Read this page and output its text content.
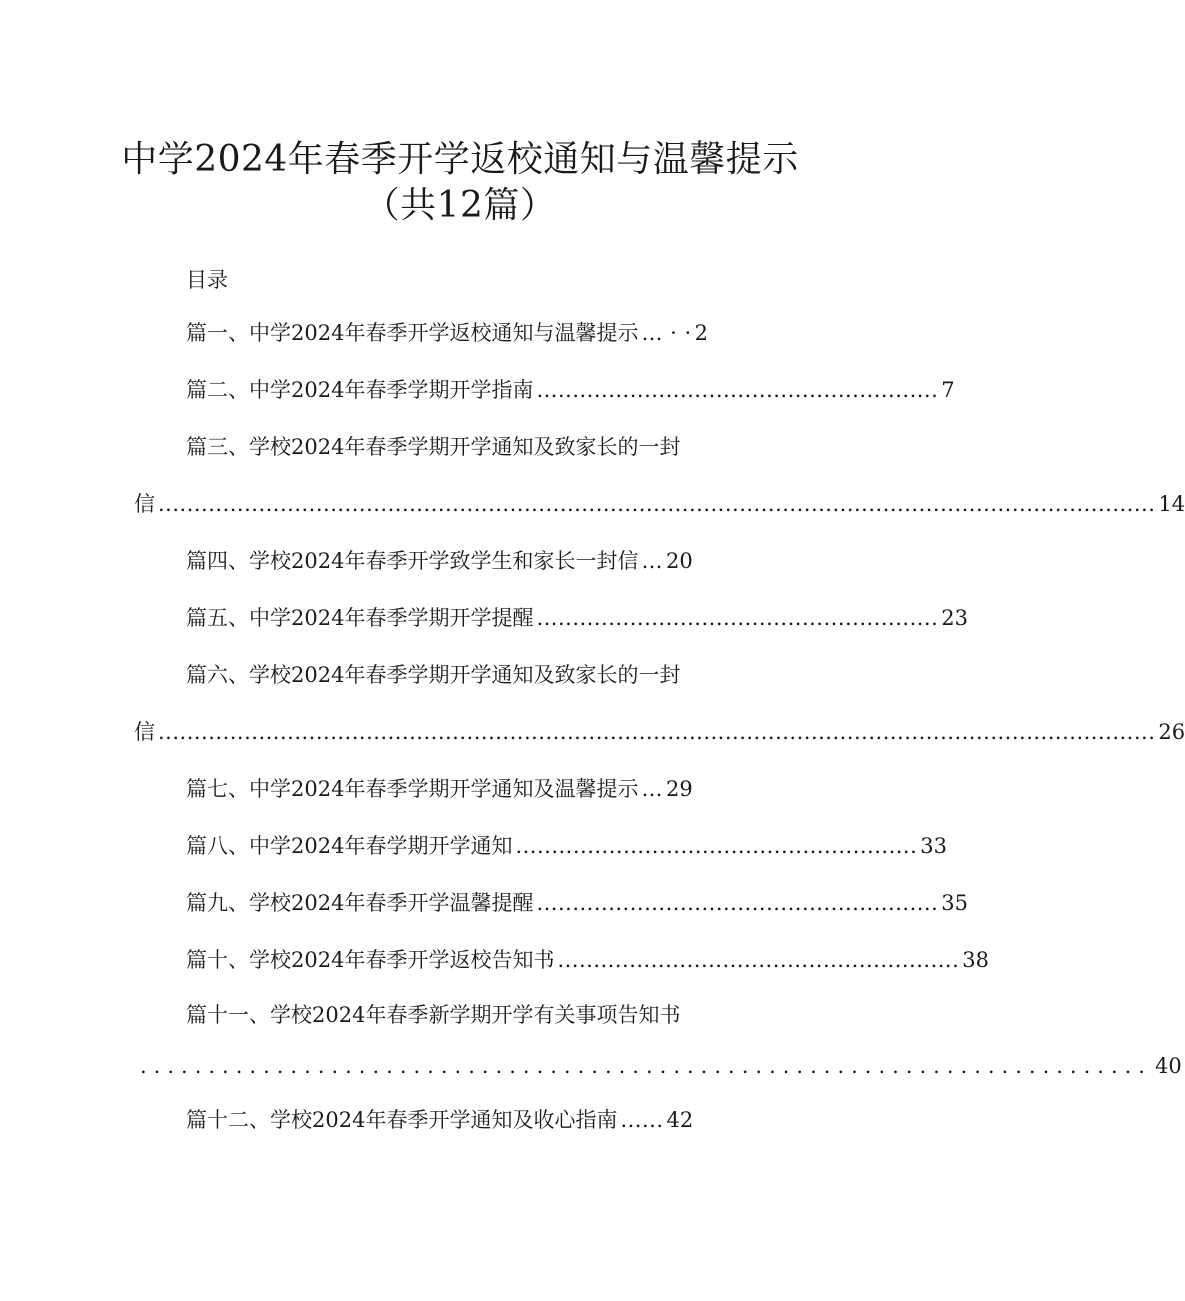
中学2024年春季开学返校通知与温馨提示
（共12篇）
目录
篇一、中学2024年春季开学返校通知与温馨提示 … · · 2
篇二、中学2024年春季学期开学指南 ........................................................ 7
篇三、学校2024年春季学期开学通知及致家长的一封
信 ........................................................................................................................................... 14
篇四、学校2024年春季开学致学生和家长一封信 … 20
篇五、中学2024年春季学期开学提醒 ........................................................ 23
篇六、学校2024年春季学期开学通知及致家长的一封
信 ........................................................................................................................................... 26
篇七、中学2024年春季学期开学通知及温馨提示 … 29
篇八、中学2024年春学期开学通知 ........................................................ 33
篇九、学校2024年春季开学温馨提醒 ........................................................ 35
篇十、学校2024年春季开学返校告知书 ........................................................ 38
篇十一、学校2024年春季新学期开学有关事项告知书
.......................................................................... 40
篇十二、学校2024年春季开学通知及收心指南 ...... 42
